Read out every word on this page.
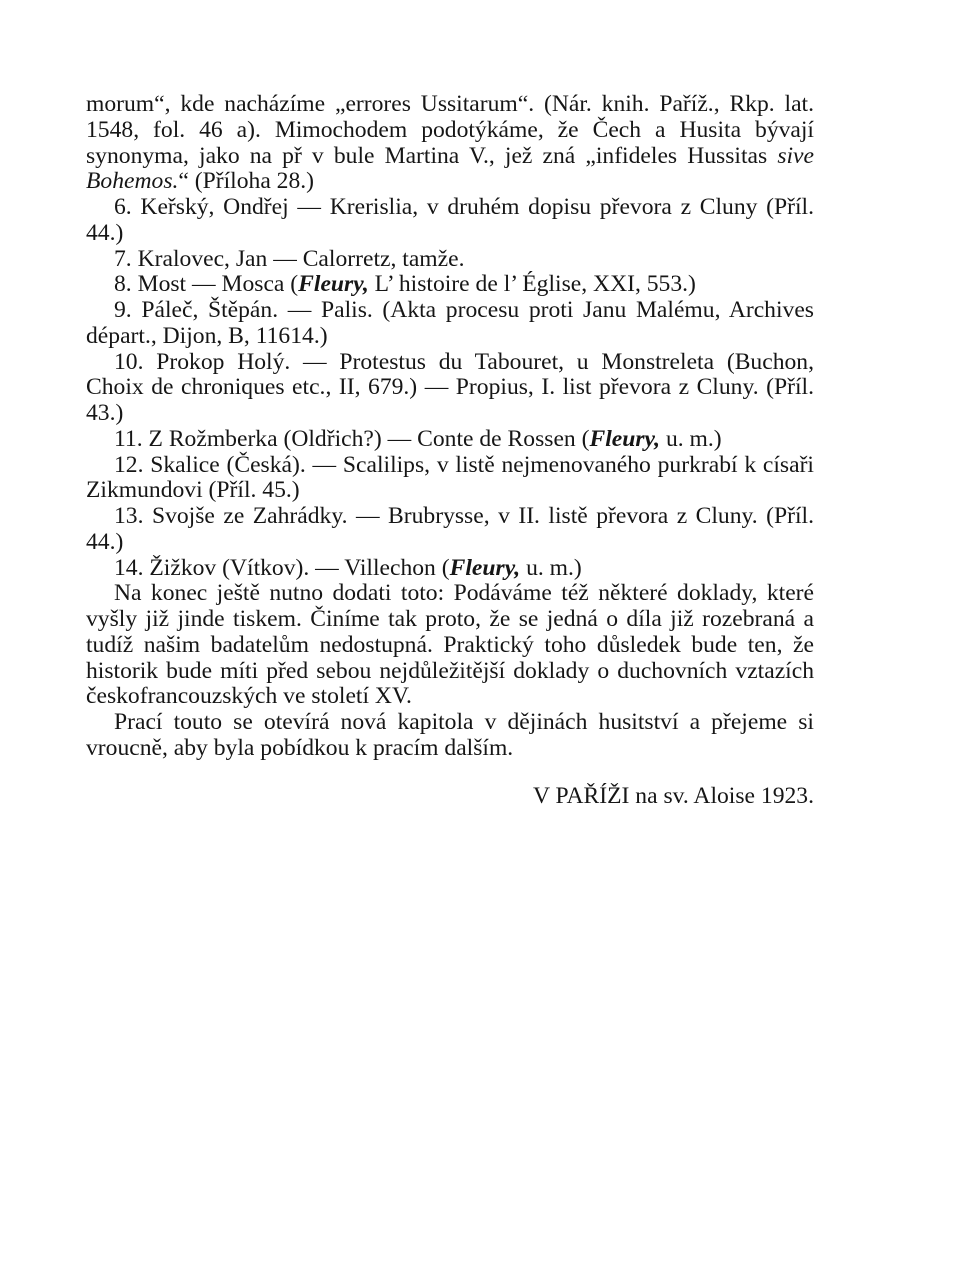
morum“, kde nacházíme „errores Ussitarum“. (Nár. knih. Paříž., Rkp. lat. 1548, fol. 46 a). Mimochodem podotýkáme, že Čech a Husita bývají synonyma, jako na př v bule Martina V., jež zná „infideles Hussitas sive Bohemos.“ (Příloha 28.)

6. Keřský, Ondřej — Krerislia, v druhém dopisu převora z Cluny (Příl. 44.)

7. Kralovec, Jan — Calorretz, tamže.

8. Most — Mosca (Fleury, L’ histoire de l’ Église, XXI, 553.)

9. Páleč, Štěpán. — Palis. (Akta procesu proti Janu Malému, Archives départ., Dijon, B, 11614.)

10. Prokop Holý. — Protestus du Tabouret, u Monstreleta (Buchon, Choix de chroniques etc., II, 679.) — Propius, I. list převora z Cluny. (Příl. 43.)

11. Z Rožmberka (Oldřich?) — Conte de Rossen (Fleury, u. m.)

12. Skalice (Česká). — Scalilips, v listě nejmenovaného purkrabí k císaři Zikmundovi (Příl. 45.)

13. Svojše ze Zahrádky. — Brubrysse, v II. listě převora z Cluny. (Příl. 44.)

14. Žižkov (Vítkov). — Villechon (Fleury, u. m.)

Na konec ještě nutno dodati toto: Podáváme též některé doklady, které vyšly již jinde tiskem. Činíme tak proto, že se jedná o díla již rozebraná a tudíž našim badatelům nedostupná. Praktický toho důsledek bude ten, že historik bude míti před sebou nejdůležitější doklady o duchovních vztazích českofrancouzských ve století XV.

Prací touto se otevírá nová kapitola v dějinách husitství a přejeme si vroucně, aby byla pobídkou k pracím dalším.

V PAŘÍŽI na sv. Aloise 1923.
